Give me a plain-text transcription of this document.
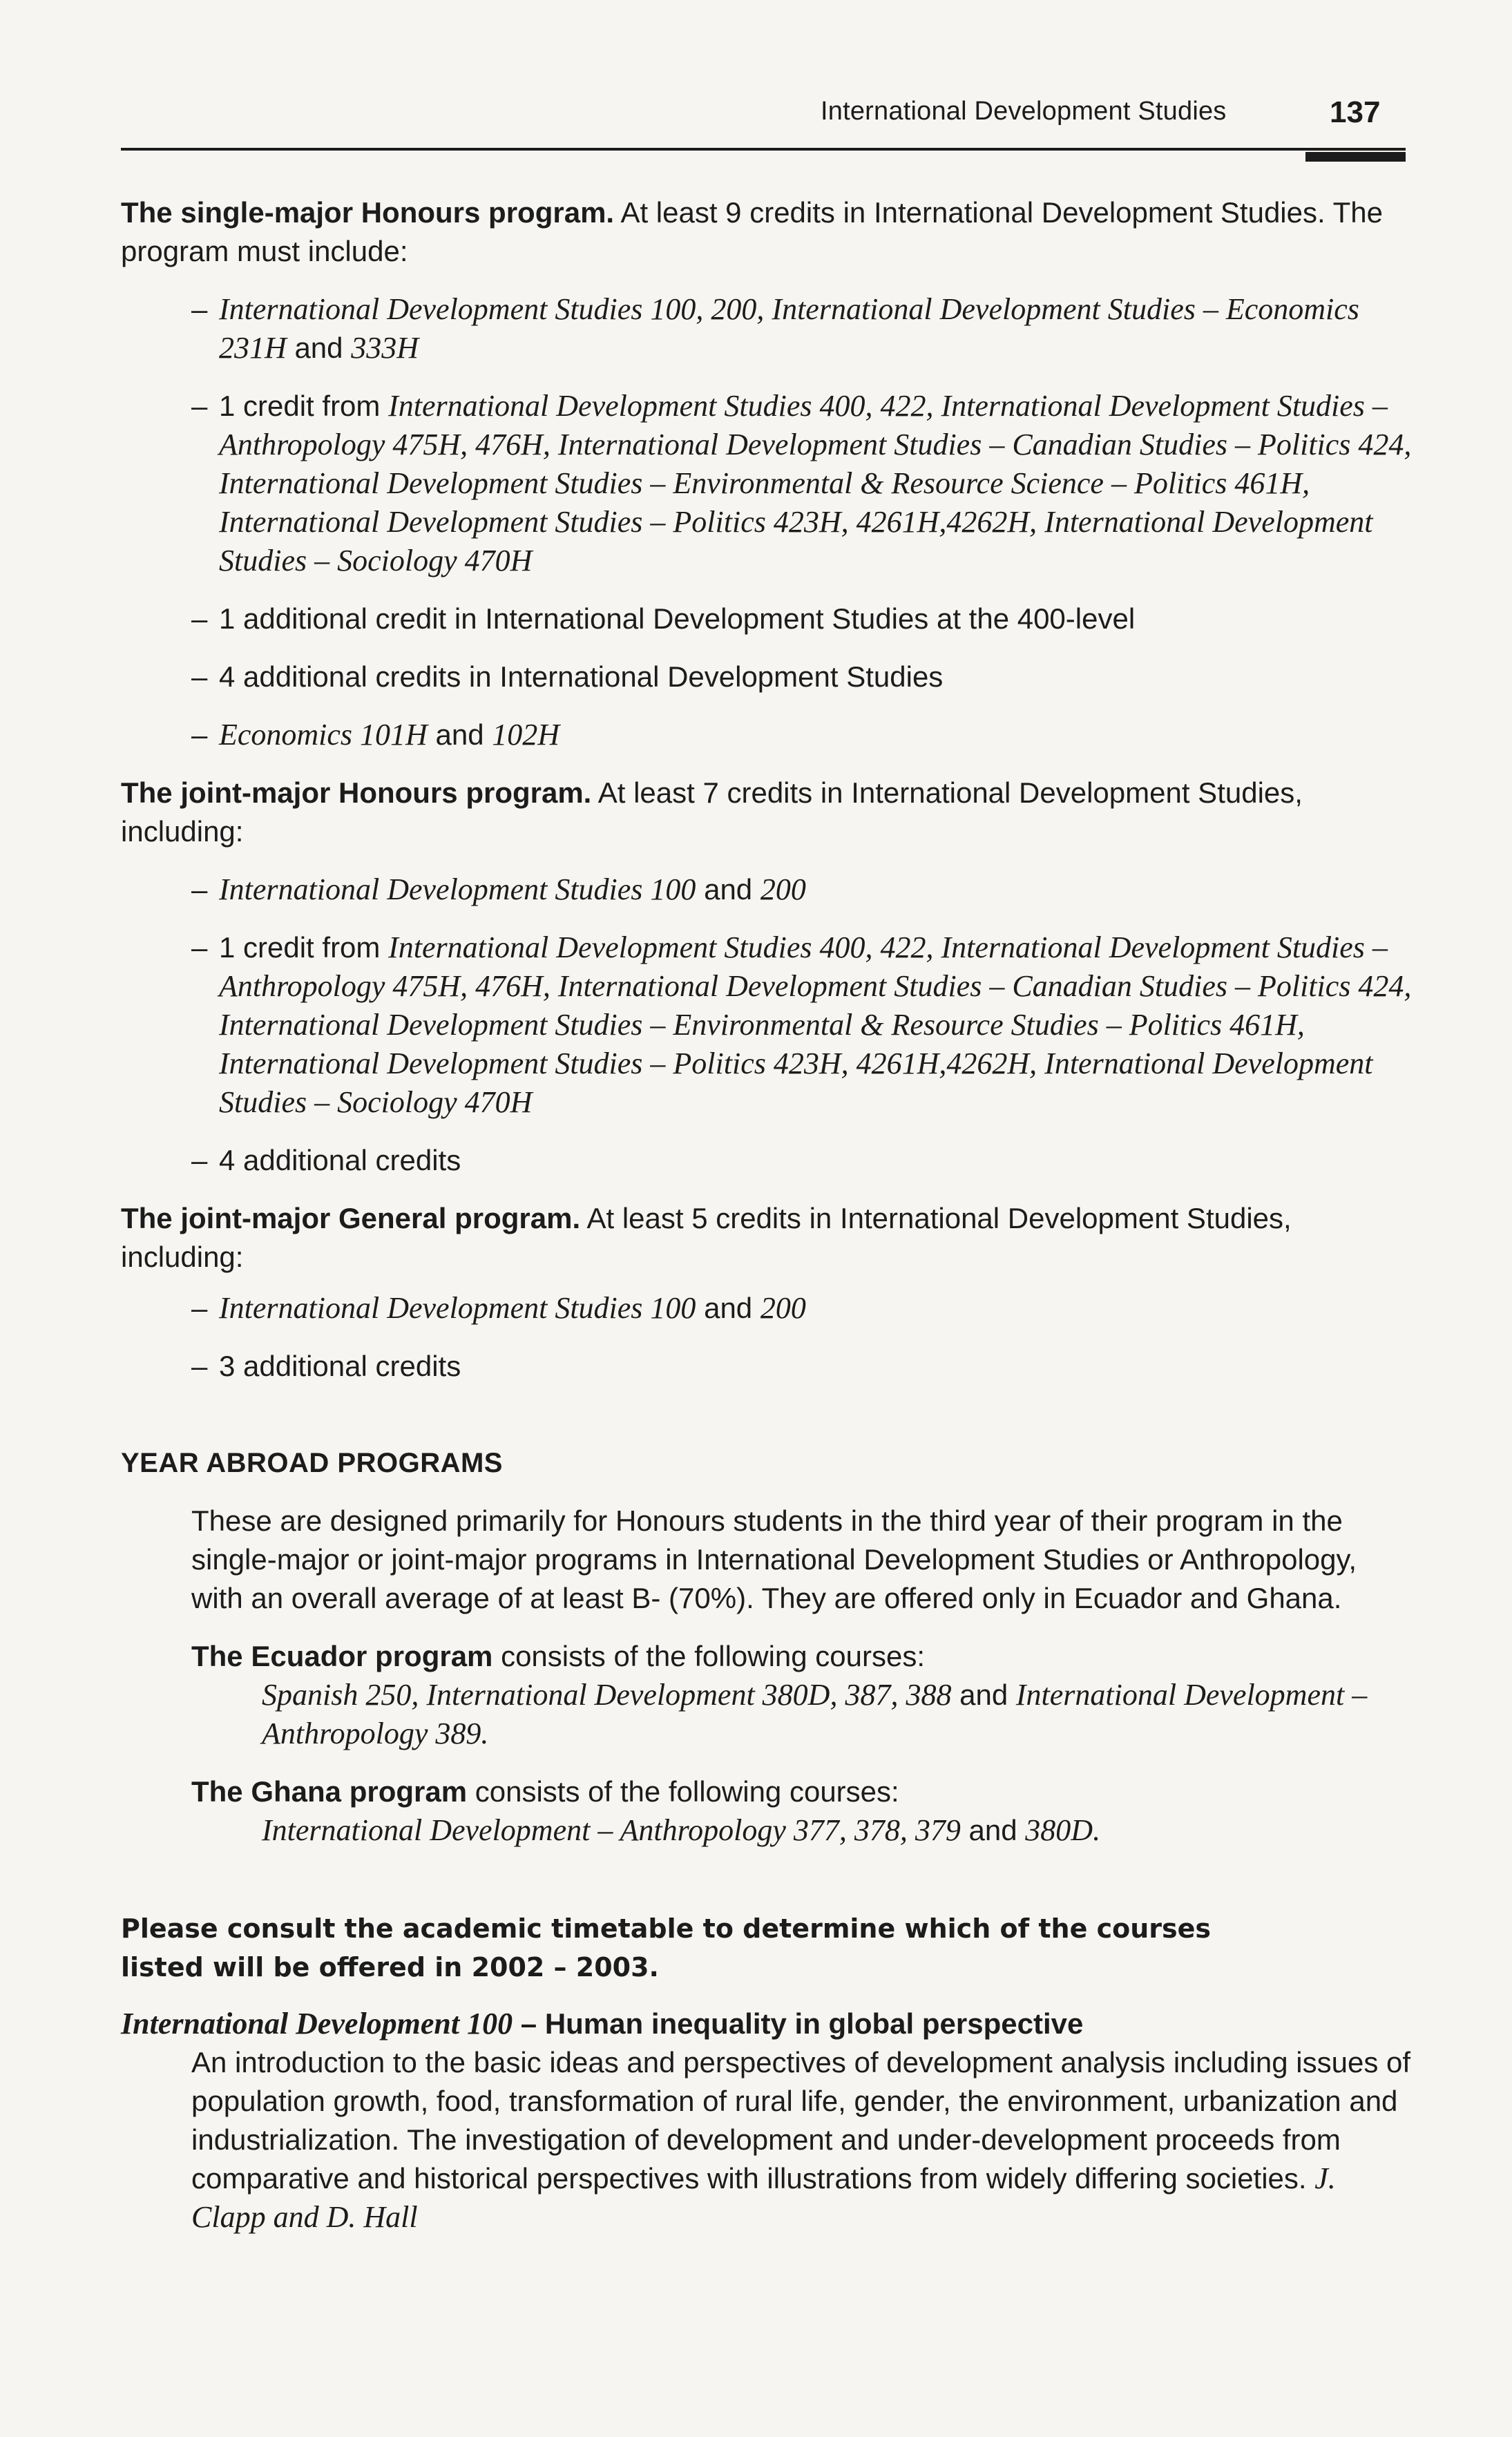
International Development Studies	137

The single-major Honours program. At least 9 credits in International Development Studies. The program must include:

– International Development Studies 100, 200, International Development Studies – Economics 231H and 333H
– 1 credit from International Development Studies 400, 422, International Development Studies – Anthropology 475H, 476H, International Development Studies – Canadian Studies – Politics 424, International Development Studies – Environmental & Resource Science – Politics 461H, International Development Studies – Politics 423H, 4261H,4262H, International Development Studies – Sociology 470H
– 1 additional credit in International Development Studies at the 400-level
– 4 additional credits in International Development Studies
– Economics 101H and 102H

The joint-major Honours program. At least 7 credits in International Development Studies, including:

– International Development Studies 100 and 200
– 1 credit from International Development Studies 400, 422, International Development Studies – Anthropology 475H, 476H, International Development Studies – Canadian Studies – Politics 424, International Development Studies – Environmental & Resource Studies – Politics 461H, International Development Studies – Politics 423H, 4261H,4262H, International Development Studies – Sociology 470H
– 4 additional credits

The joint-major General program. At least 5 credits in International Development Studies, including:

– International Development Studies 100 and 200
– 3 additional credits
YEAR ABROAD PROGRAMS

These are designed primarily for Honours students in the third year of their program in the single-major or joint-major programs in International Development Studies or Anthropology, with an overall average of at least B- (70%). They are offered only in Ecuador and Ghana.

The Ecuador program consists of the following courses:
Spanish 250, International Development 380D, 387, 388 and International Development – Anthropology 389.
The Ghana program consists of the following courses:
International Development – Anthropology 377, 378, 379 and 380D.
Please consult the academic timetable to determine which of the courses listed will be offered in 2002 – 2003.

International Development 100 – Human inequality in global perspective

An introduction to the basic ideas and perspectives of development analysis including issues of population growth, food, transformation of rural life, gender, the environment, urbanization and industrialization. The investigation of development and under-development proceeds from comparative and historical perspectives with illustrations from widely differing societies. J. Clapp and D. Hall
